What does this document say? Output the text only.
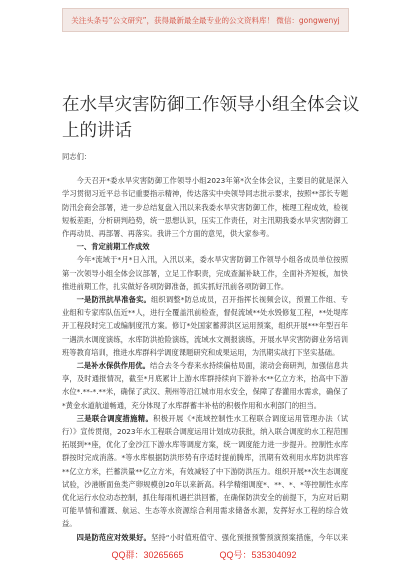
关注头条号“公文研究”，获得最新最全最专业的公文资料库！ 微信：gongwenyj
在水旱灾害防御工作领导小组全体会议上的讲话

同志们：

今天召开*委水旱灾害防御工作领导小组2023年第*次全体会议，主要目的就是深入学习贯彻习近平总书记重要指示精神，传达落实中央领导同志批示要求，按照**部长专题防汛会商会部署，进一步总结复盘入汛以来我委水旱灾害防御工作，梳理工程成效，检视短板差距，分析研判趋势，统一思想认识，压实工作责任，对主汛期我委水旱灾害防御工作再动员、再部署、再落实。我讲三个方面的意见，供大家参考。

一、肯定前期工作成效

今年*流域于*月*日入汛，入汛以来，委水旱灾害防御工作领导小组各成员单位按照第一次领导小组全体会议部署，立足工作职责，完成查漏补缺工作，全面补齐短板，加快推进前期工作，扎实做好各项防御准备，抓实抓好汛前各项防御工作。

一是防汛抗旱准备实。组织调整*防总成员，召开指挥长视频会议，预置工作组、专业组和专家库队伍近**人，进行全覆盖汛前检查，督促流域**处水毁修复工程，**处堤库开工程段时完工或编制度汛方案。修订*处国家蓄滞洪区运用预案，组织开展***年型百年一遇洪水调度演练，水库防洪抢险演练，流域水文测报演练，开展水旱灾害防御业务培训班等教育培训，推进水库群科学调度课题研究和成果运用，为汛期实战打下坚实基础。

二是补水保供作用优。结合去冬今春来水持续偏枯局面，滚动会商研判，加强信息共享，及时通报情况，截至*月底累计上游水库群持续向下游补水**亿立方米，抬高中下游水位*.**-*.**米，确保了武汉、荆州等沿江城市用水安全，保障了春灌用水需求，确保了*黄金水道航道畅通，充分体现了水库群蓄丰补枯的积极作用和水利部门的担当。

三是联合调度措施精。积极开展《*流域控制性水工程联合调度运用管理办法（试行）》宣传贯彻，2023年水工程联合调度运用计划成功获批，纳入联合调度的水工程范围拓展到**座，优化了金沙江下游水库等调度方案，统一调度能力进一步提升。控制性水库群按时完成消落。*等水库根据防洪形势有序适时提前腾库，汛期有效利用水库防洪库容**亿立方米，拦蓄洪量**亿立方米，有效减轻了中下游防洪压力。组织开展**次生态调度试验，沙港断面鱼类产卵规模创20年以来新高。科学精细调度*、**、*、*等控制性水库优化运行水位动态控制，抓住每雨机遇拦洪回蓄，在确保防洪安全的前提下，为应对后期可能旱情和灌溉、航运、生态等水资源综合利用需求储备水源，发挥好水工程的综合效益。

四是防范应对效果好。坚持“小时值班值守、强化预报预警预演预案措施，今年以来

QQ群：30265665	QQ号：535304092
